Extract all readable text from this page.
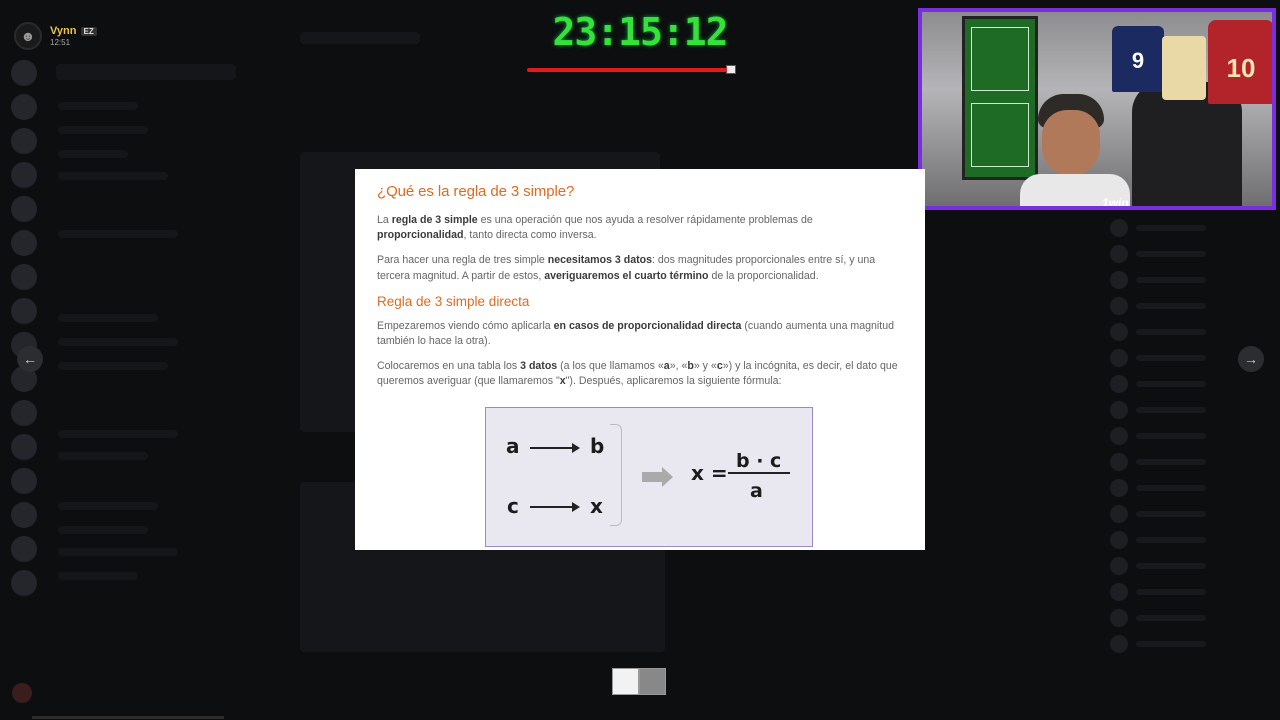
☻	Vynn EZ
12:51	23:15:12
←	→
9	10
1win
¿Qué es la regla de 3 simple?

La regla de 3 simple es una operación que nos ayuda a resolver rápidamente problemas de proporcionalidad, tanto directa como inversa.

Para hacer una regla de tres simple necesitamos 3 datos: dos magnitudes proporcionales entre sí, y una tercera magnitud. A partir de estos, averiguaremos el cuarto término de la proporcionalidad.

Regla de 3 simple directa

Empezaremos viendo cómo aplicarla en casos de proporcionalidad directa (cuando aumenta una magnitud también lo hace la otra).

Colocaremos en una tabla los 3 datos (a los que llamamos «a», «b» y «c») y la incógnita, es decir, el dato que queremos averiguar (que llamaremos "x"). Después, aplicaremos la siguiente fórmula:

a	b
c	x
x = b · c
a
